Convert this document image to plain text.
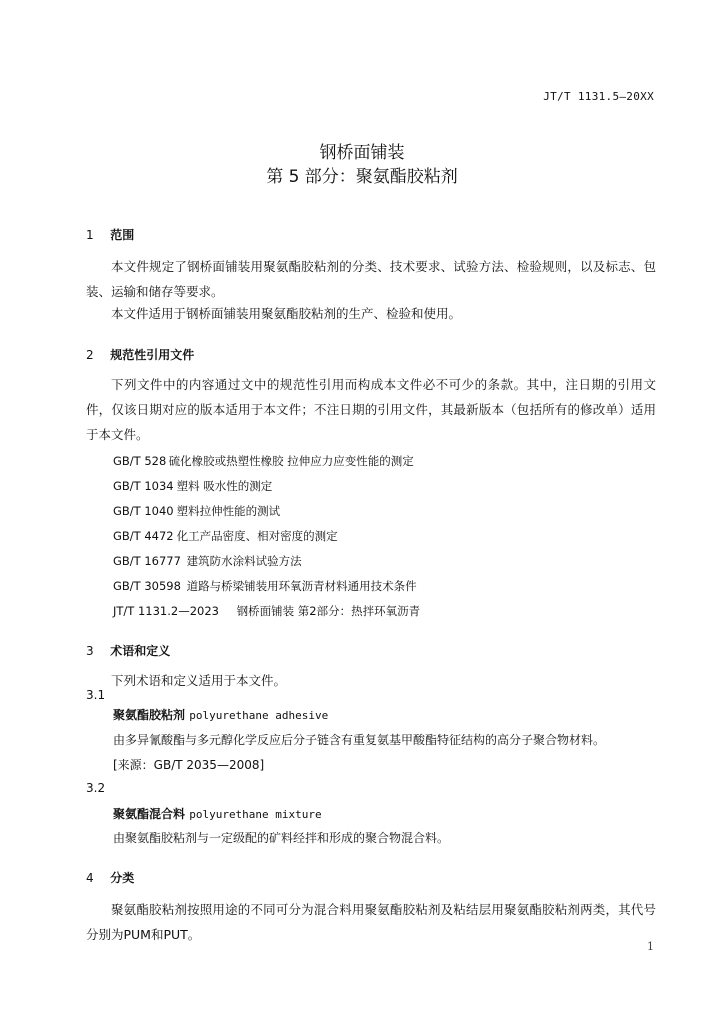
JT/T 1131.5—20XX
钢桥面铺装
第 5 部分：聚氨酯胶粘剂
1 范围
本文件规定了钢桥面铺装用聚氨酯胶粘剂的分类、技术要求、试验方法、检验规则，以及标志、包装、运输和储存等要求。
本文件适用于钢桥面铺装用聚氨酯胶粘剂的生产、检验和使用。
2 规范性引用文件
下列文件中的内容通过文中的规范性引用而构成本文件必不可少的条款。其中，注日期的引用文件，仅该日期对应的版本适用于本文件；不注日期的引用文件，其最新版本（包括所有的修改单）适用于本文件。
GB/T 528 硫化橡胶或热塑性橡胶 拉伸应力应变性能的测定
GB/T 1034 塑料 吸水性的测定
GB/T 1040 塑料拉伸性能的测试
GB/T 4472 化工产品密度、相对密度的测定
GB/T 16777 建筑防水涂料试验方法
GB/T 30598 道路与桥梁铺装用环氧沥青材料通用技术条件
JT/T 1131.2—2023 钢桥面铺装 第2部分：热拌环氧沥青
3 术语和定义
下列术语和定义适用于本文件。
3.1
聚氨酯胶粘剂 polyurethane adhesive
由多异氰酸酯与多元醇化学反应后分子链含有重复氨基甲酸酯特征结构的高分子聚合物材料。
[来源：GB/T 2035—2008]
3.2
聚氨酯混合料 polyurethane mixture
由聚氨酯胶粘剂与一定级配的矿料经拌和形成的聚合物混合料。
4 分类
聚氨酯胶粘剂按照用途的不同可分为混合料用聚氨酯胶粘剂及粘结层用聚氨酯胶粘剂两类，其代号分别为PUM和PUT。
1
